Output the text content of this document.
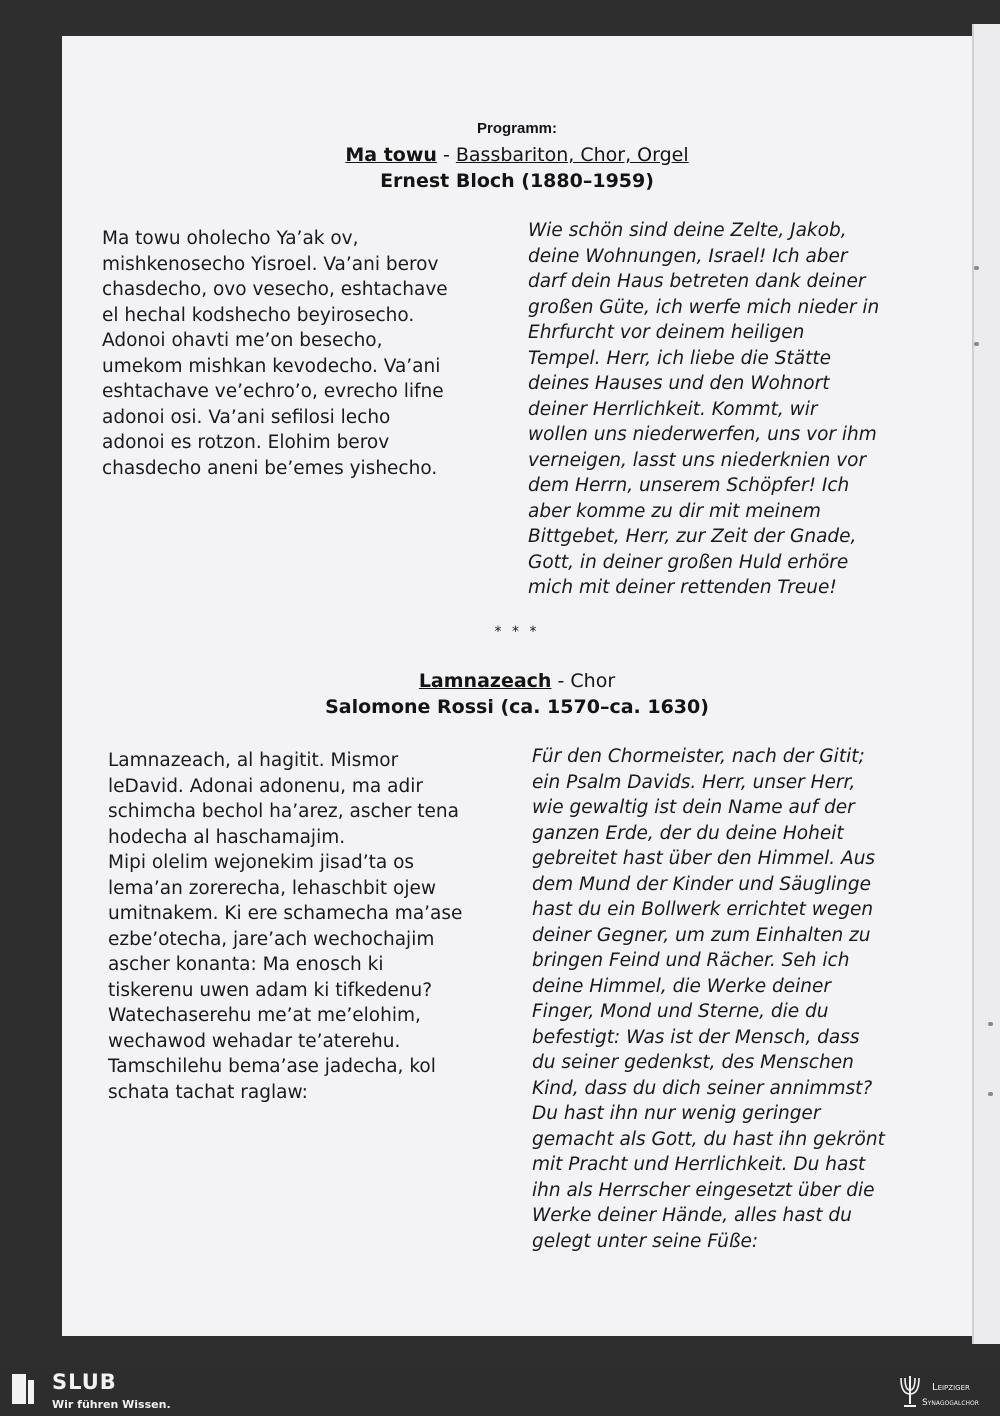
Programm:
Ma towu - Bassbariton, Chor, Orgel
Ernest Bloch (1880–1959)
Ma towu oholecho Ya’ak ov,
mishkenosecho Yisroel. Va’ani berov
chasdecho, ovo vesecho, eshtachave
el hechal kodshecho beyirosecho.
Adonoi ohavti me’on besecho,
umekom mishkan kevodecho. Va’ani
eshtachave ve’echro’o, evrecho lifne
adonoi osi. Va’ani sefilosi lecho
adonoi es rotzon. Elohim berov
chasdecho aneni be’emes yishecho.
Wie schön sind deine Zelte, Jakob,
deine Wohnungen, Israel! Ich aber
darf dein Haus betreten dank deiner
großen Güte, ich werfe mich nieder in
Ehrfurcht vor deinem heiligen
Tempel. Herr, ich liebe die Stätte
deines Hauses und den Wohnort
deiner Herrlichkeit. Kommt, wir
wollen uns niederwerfen, uns vor ihm
verneigen, lasst uns niederknien vor
dem Herrn, unserem Schöpfer! Ich
aber komme zu dir mit meinem
Bittgebet, Herr, zur Zeit der Gnade,
Gott, in deiner großen Huld erhöre
mich mit deiner rettenden Treue!
* * *
Lamnazeach - Chor
Salomone Rossi (ca. 1570–ca. 1630)
Lamnazeach, al hagitit. Mismor
leDavid. Adonai adonenu, ma adir
schimcha bechol ha’arez, ascher tena
hodecha al haschamajim.
Mipi olelim wejonekim jisad’ta os
lema’an zorerecha, lehaschbit ojew
umitnakem. Ki ere schamecha ma’ase
ezbe’otecha, jare’ach wechochajim
ascher konanta: Ma enosch ki
tiskerenu uwen adam ki tifkedenu?
Watechaserehu me’at me’elohim,
wechawod wehadar te’aterehu.
Tamschilehu bema’ase jadecha, kol
schata tachat raglaw:
Für den Chormeister, nach der Gitit;
ein Psalm Davids. Herr, unser Herr,
wie gewaltig ist dein Name auf der
ganzen Erde, der du deine Hoheit
gebreitet hast über den Himmel. Aus
dem Mund der Kinder und Säuglinge
hast du ein Bollwerk errichtet wegen
deiner Gegner, um zum Einhalten zu
bringen Feind und Rächer. Seh ich
deine Himmel, die Werke deiner
Finger, Mond und Sterne, die du
befestigt: Was ist der Mensch, dass
du seiner gedenkst, des Menschen
Kind, dass du dich seiner annimmst?
Du hast ihn nur wenig geringer
gemacht als Gott, du hast ihn gekrönt
mit Pracht und Herrlichkeit. Du hast
ihn als Herrscher eingesetzt über die
Werke deiner Hände, alles hast du
gelegt unter seine Füße:
SLUB
Wir führen Wissen.
Leipziger
Synagogalchor
